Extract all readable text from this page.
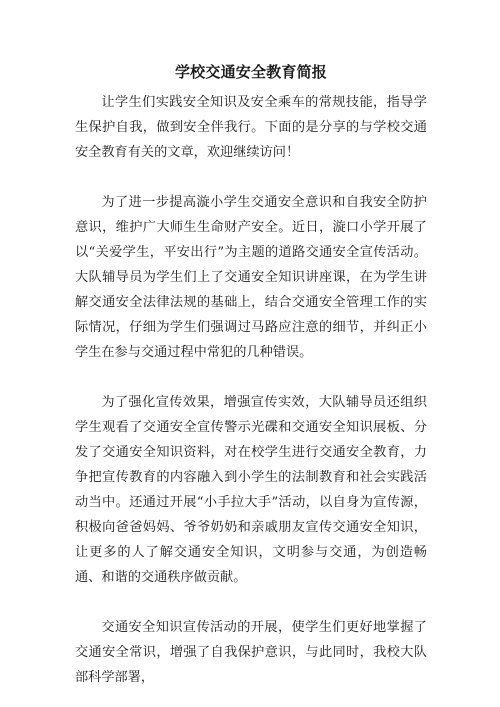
学校交通安全教育简报

让学生们实践安全知识及安全乘车的常规技能，指导学生保护自我，做到安全伴我行。下面的是分享的与学校交通安全教育有关的文章，欢迎继续访问！

为了进一步提高漩小学生交通安全意识和自我安全防护意识，维护广大师生生命财产安全。近日，漩口小学开展了以“关爱学生，平安出行”为主题的道路交通安全宣传活动。大队辅导员为学生们上了交通安全知识讲座课，在为学生讲解交通安全法律法规的基础上，结合交通安全管理工作的实际情况，仔细为学生们强调过马路应注意的细节，并纠正小学生在参与交通过程中常犯的几种错误。

为了强化宣传效果，增强宣传实效，大队辅导员还组织学生观看了交通安全宣传警示光碟和交通安全知识展板、分发了交通安全知识资料，对在校学生进行交通安全教育，力争把宣传教育的内容融入到小学生的法制教育和社会实践活动当中。还通过开展“小手拉大手”活动，以自身为宣传源，积极向爸爸妈妈、爷爷奶奶和亲戚朋友宣传交通安全知识，让更多的人了解交通安全知识，文明参与交通，为创造畅通、和谐的交通秩序做贡献。

交通安全知识宣传活动的开展，使学生们更好地掌握了交通安全常识，增强了自我保护意识，与此同时，我校大队部科学部署，
